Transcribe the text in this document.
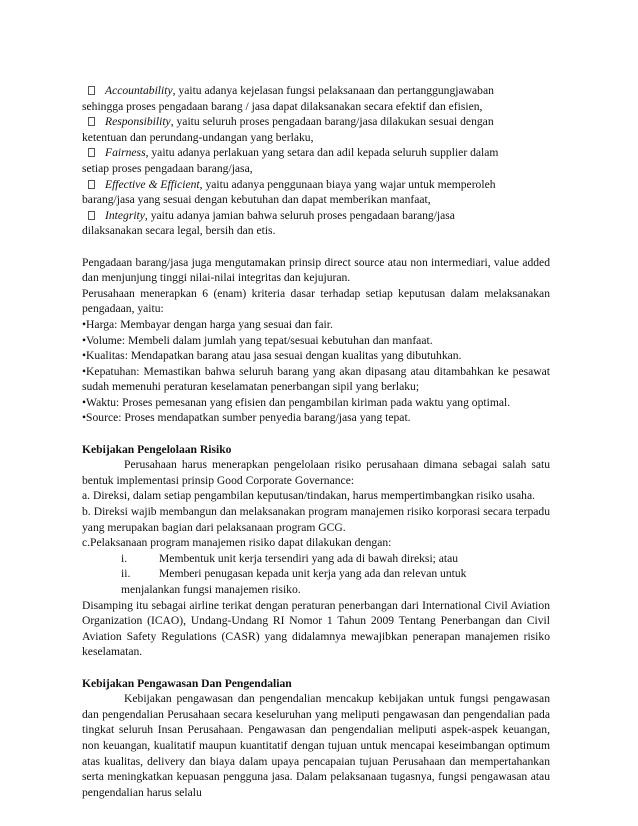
Accountability, yaitu adanya kejelasan fungsi pelaksanaan dan pertanggungjawaban
sehingga proses pengadaan barang / jasa dapat dilaksanakan secara efektif dan efisien,
Responsibility, yaitu seluruh proses pengadaan barang/jasa dilakukan sesuai dengan
ketentuan dan perundang-undangan yang berlaku,
Fairness, yaitu adanya perlakuan yang setara dan adil kepada seluruh supplier dalam
setiap proses pengadaan barang/jasa,
Effective & Efficient, yaitu adanya penggunaan biaya yang wajar untuk memperoleh
barang/jasa yang sesuai dengan kebutuhan dan dapat memberikan manfaat,
Integrity, yaitu adanya jamian bahwa seluruh proses pengadaan barang/jasa
dilaksanakan secara legal, bersih dan etis.

Pengadaan barang/jasa juga mengutamakan prinsip direct source atau non intermediari, value added dan menjunjung tinggi nilai-nilai integritas dan kejujuran.

Perusahaan menerapkan 6 (enam) kriteria dasar terhadap setiap keputusan dalam melaksanakan pengadaan, yaitu:

•Harga: Membayar dengan harga yang sesuai dan fair.

•Volume: Membeli dalam jumlah yang tepat/sesuai kebutuhan dan manfaat.

•Kualitas: Mendapatkan barang atau jasa sesuai dengan kualitas yang dibutuhkan.

•Kepatuhan: Memastikan bahwa seluruh barang yang akan dipasang atau ditambahkan ke pesawat sudah memenuhi peraturan keselamatan penerbangan sipil yang berlaku;

•Waktu: Proses pemesanan yang efisien dan pengambilan kiriman pada waktu yang optimal.

•Source: Proses mendapatkan sumber penyedia barang/jasa yang tepat.

Kebijakan Pengelolaan Risiko

Perusahaan harus menerapkan pengelolaan risiko perusahaan dimana sebagai salah satu bentuk implementasi prinsip Good Corporate Governance:

a. Direksi, dalam setiap pengambilan keputusan/tindakan, harus mempertimbangkan risiko usaha.

b. Direksi wajib membangun dan melaksanakan program manajemen risiko korporasi secara terpadu yang merupakan bagian dari pelaksanaan program GCG.

c.Pelaksanaan program manajemen risiko dapat dilakukan dengan:

i.	Membentuk unit kerja tersendiri yang ada di bawah direksi; atau
ii.	Memberi penugasan kepada unit kerja yang ada dan relevan untuk
menjalankan fungsi manajemen risiko.

Disamping itu sebagai airline terikat dengan peraturan penerbangan dari International Civil Aviation Organization (ICAO), Undang-Undang RI Nomor 1 Tahun 2009 Tentang Penerbangan dan Civil Aviation Safety Regulations (CASR) yang didalamnya mewajibkan penerapan manajemen risiko keselamatan.

Kebijakan Pengawasan Dan Pengendalian

Kebijakan pengawasan dan pengendalian mencakup kebijakan untuk fungsi pengawasan dan pengendalian Perusahaan secara keseluruhan yang meliputi pengawasan dan pengendalian pada tingkat seluruh Insan Perusahaan. Pengawasan dan pengendalian meliputi aspek-aspek keuangan, non keuangan, kualitatif maupun kuantitatif dengan tujuan untuk mencapai keseimbangan optimum atas kualitas, delivery dan biaya dalam upaya pencapaian tujuan Perusahaan dan mempertahankan serta meningkatkan kepuasan pengguna jasa. Dalam pelaksanaan tugasnya, fungsi pengawasan atau pengendalian harus selalu
